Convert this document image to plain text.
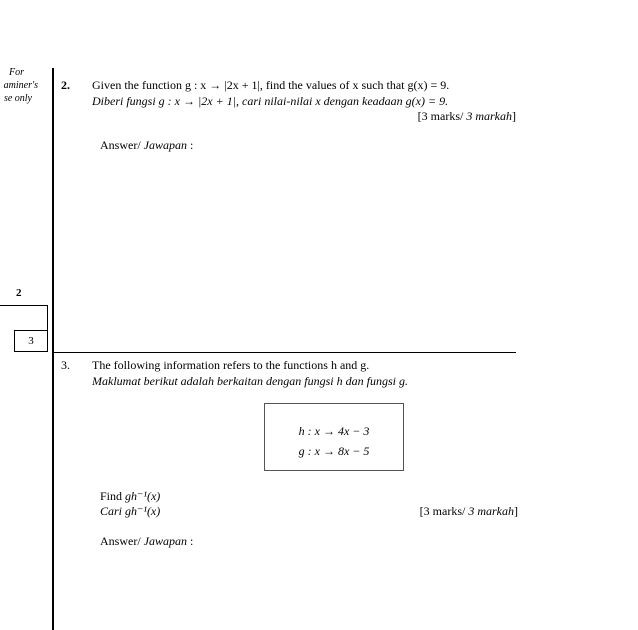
For
aminer's
se only
2
3
2. Given the function g : x → |2x + 1|, find the values of x such that g(x) = 9.
Diberi fungsi g : x → |2x + 1|, cari nilai-nilai x dengan keadaan g(x) = 9.
[3 marks/ 3 markah]
Answer/ Jawapan :
3. The following information refers to the functions h and g.
Maklumat berikut adalah berkaitan dengan fungsi h dan fungsi g.
h : x → 4x − 3
g : x → 8x − 5
Find gh⁻¹(x)
Cari gh⁻¹(x)	[3 marks/ 3 markah]
Answer/ Jawapan :
